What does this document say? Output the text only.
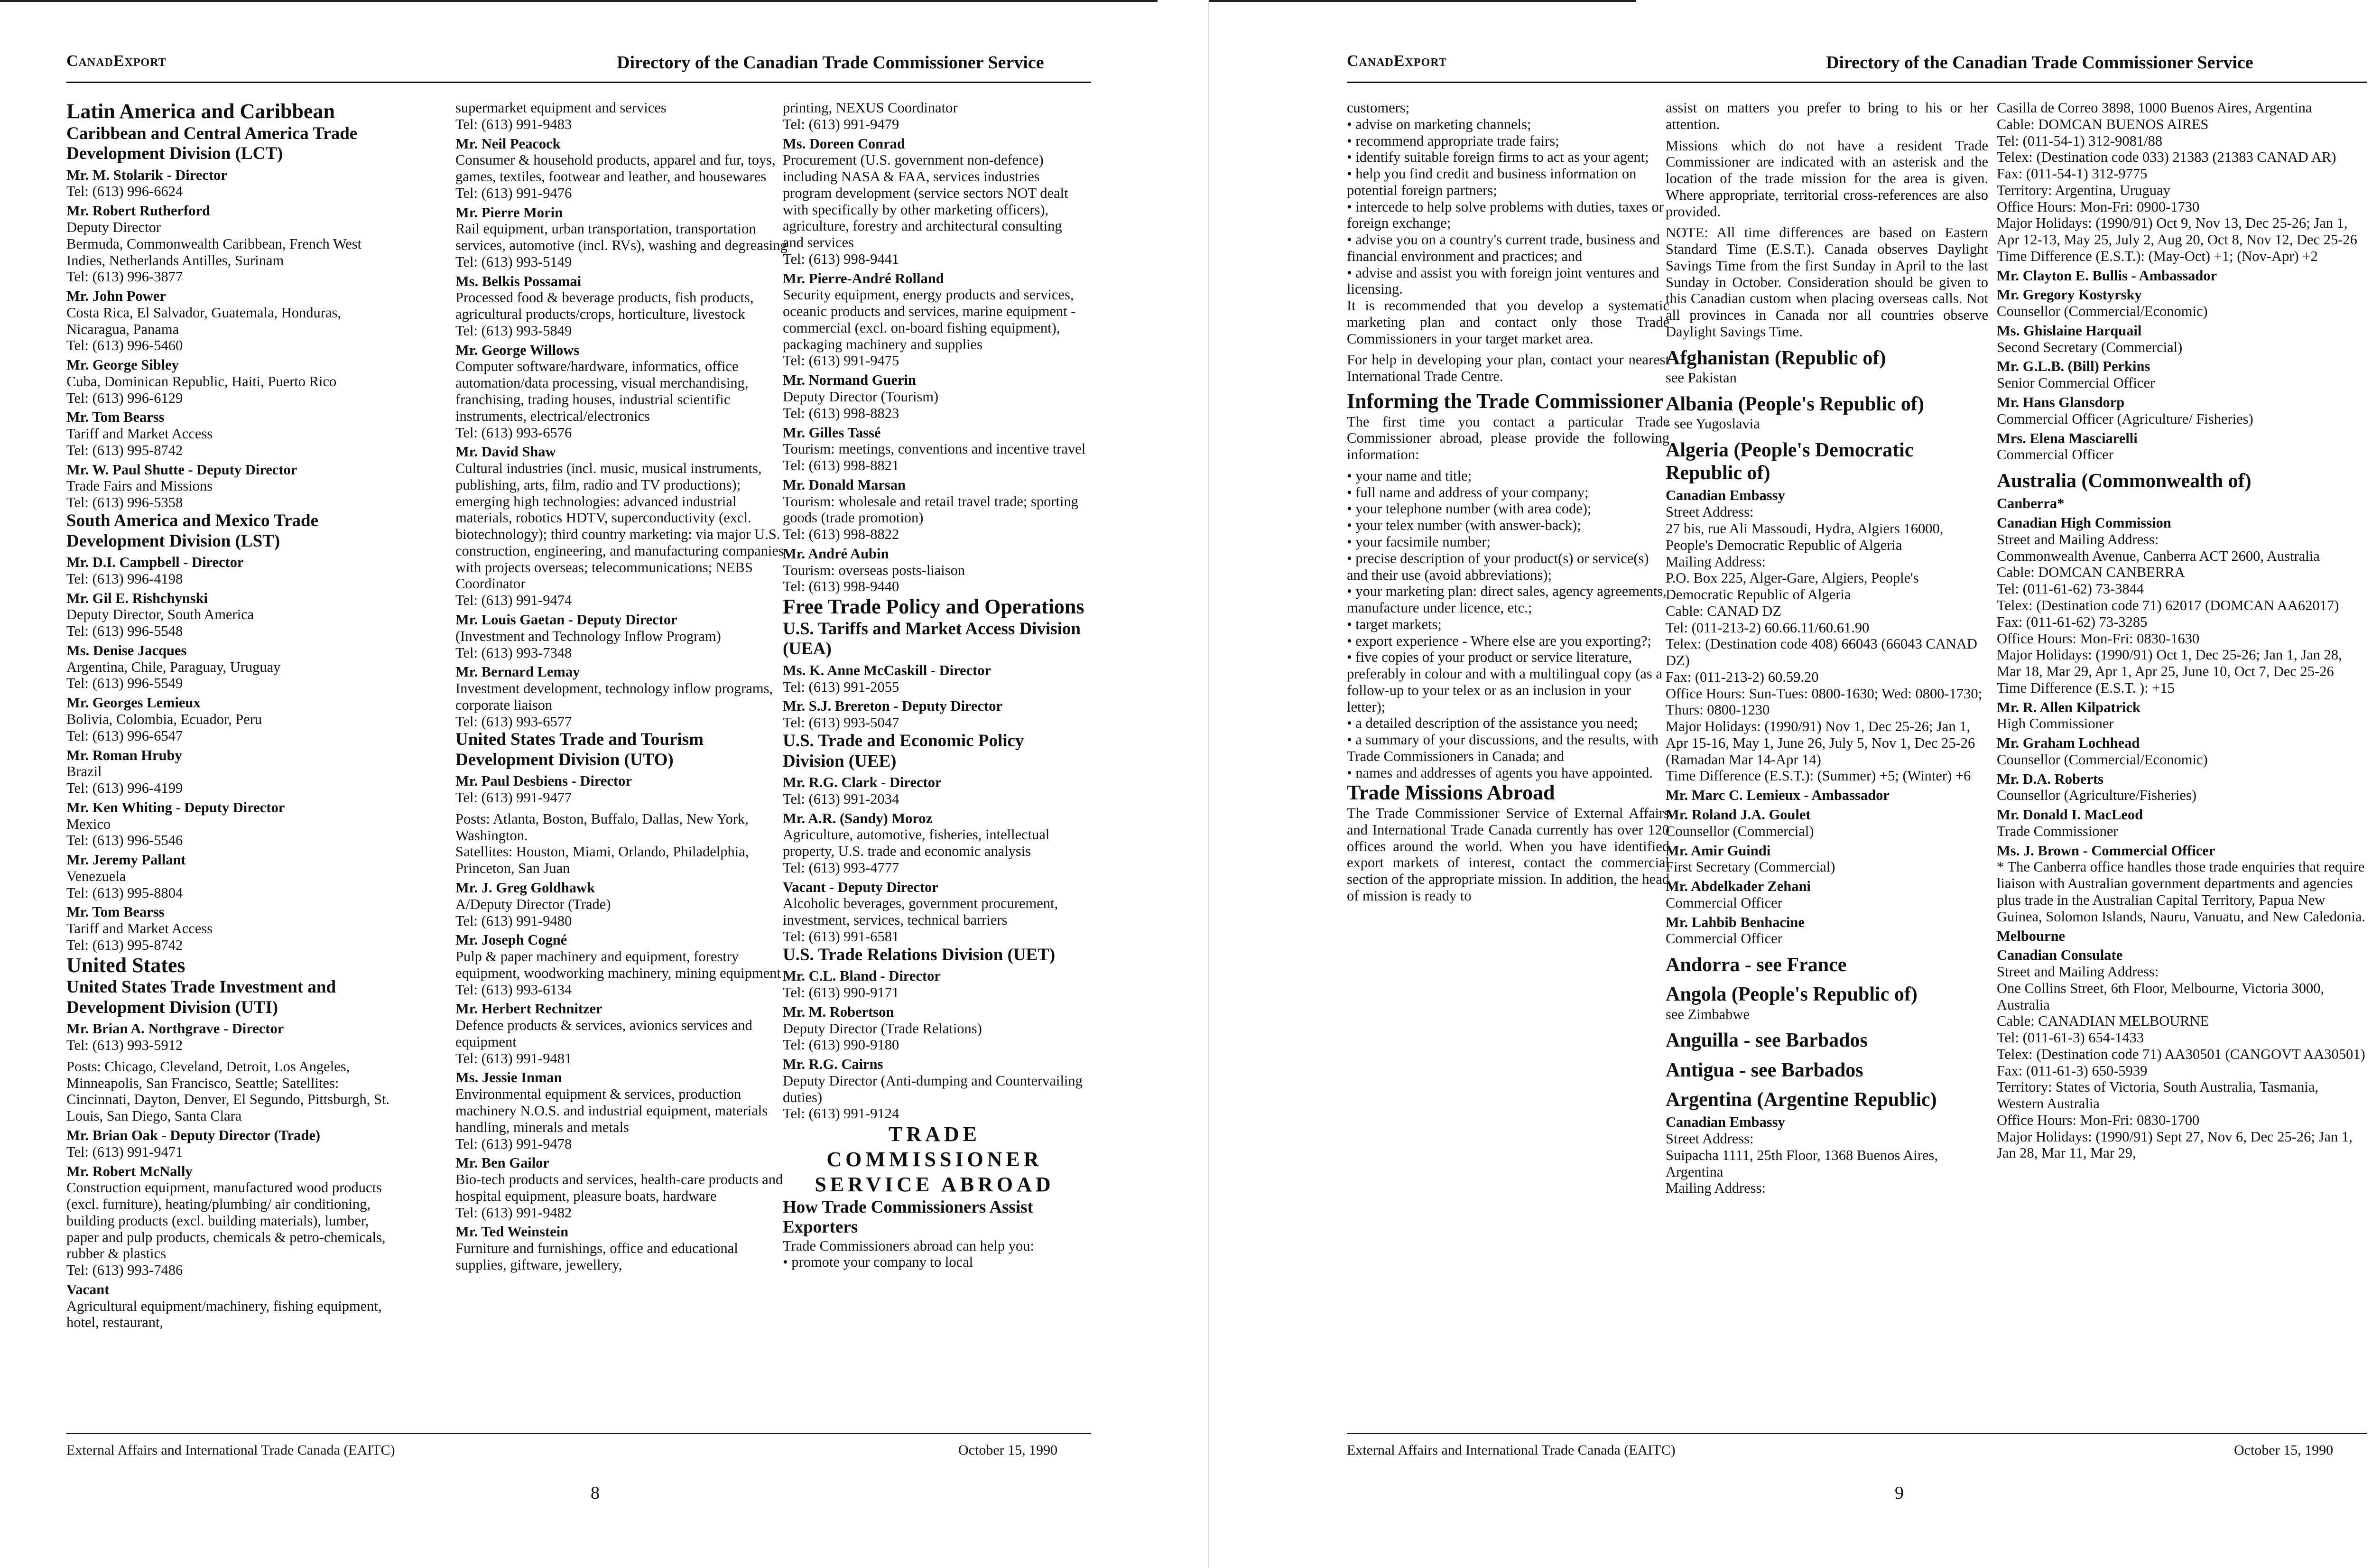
CanadExport	Directory of the Canadian Trade Commissioner Service

Latin America and Caribbean

Caribbean and Central America Trade Development Division (LCT)

Mr. M. Stolarik - Director

Tel: (613) 996-6624

Mr. Robert Rutherford

Deputy Director

Bermuda, Commonwealth Caribbean, French West Indies, Netherlands Antilles, Surinam

Tel: (613) 996-3877

Mr. John Power

Costa Rica, El Salvador, Guatemala, Honduras, Nicaragua, Panama

Tel: (613) 996-5460

Mr. George Sibley

Cuba, Dominican Republic, Haiti, Puerto Rico

Tel: (613) 996-6129

Mr. Tom Bearss

Tariff and Market Access

Tel: (613) 995-8742

Mr. W. Paul Shutte - Deputy Director

Trade Fairs and Missions

Tel: (613) 996-5358

South America and Mexico Trade Development Division (LST)

Mr. D.I. Campbell - Director

Tel: (613) 996-4198

Mr. Gil E. Rishchynski

Deputy Director, South America

Tel: (613) 996-5548

Ms. Denise Jacques

Argentina, Chile, Paraguay, Uruguay

Tel: (613) 996-5549

Mr. Georges Lemieux

Bolivia, Colombia, Ecuador, Peru

Tel: (613) 996-6547

Mr. Roman Hruby

Brazil

Tel: (613) 996-4199

Mr. Ken Whiting - Deputy Director

Mexico

Tel: (613) 996-5546

Mr. Jeremy Pallant

Venezuela

Tel: (613) 995-8804

Mr. Tom Bearss

Tariff and Market Access

Tel: (613) 995-8742

United States

United States Trade Investment and Development Division (UTI)

Mr. Brian A. Northgrave - Director

Tel: (613) 993-5912

Posts: Chicago, Cleveland, Detroit, Los Angeles, Minneapolis, San Francisco, Seattle; Satellites: Cincinnati, Dayton, Denver, El Segundo, Pittsburgh, St. Louis, San Diego, Santa Clara

Mr. Brian Oak - Deputy Director (Trade)

Tel: (613) 991-9471

Mr. Robert McNally

Construction equipment, manufactured wood products (excl. furniture), heating/plumbing/ air conditioning, building products (excl. building materials), lumber, paper and pulp products, chemicals & petro-chemicals, rubber & plastics

Tel: (613) 993-7486

Vacant

Agricultural equipment/machinery, fishing equipment, hotel, restaurant,

supermarket equipment and services

Tel: (613) 991-9483

Mr. Neil Peacock

Consumer & household products, apparel and fur, toys, games, textiles, footwear and leather, and housewares

Tel: (613) 991-9476

Mr. Pierre Morin

Rail equipment, urban transportation, transportation services, automotive (incl. RVs), washing and degreasing

Tel: (613) 993-5149

Ms. Belkis Possamai

Processed food & beverage products, fish products, agricultural products/crops, horticulture, livestock

Tel: (613) 993-5849

Mr. George Willows

Computer software/hardware, informatics, office automation/data processing, visual merchandising, franchising, trading houses, industrial scientific instruments, electrical/electronics

Tel: (613) 993-6576

Mr. David Shaw

Cultural industries (incl. music, musical instruments, publishing, arts, film, radio and TV productions); emerging high technologies: advanced industrial materials, robotics HDTV, superconductivity (excl. biotechnology); third country marketing: via major U.S. construction, engineering, and manufacturing companies with projects overseas; telecommunications; NEBS Coordinator

Tel: (613) 991-9474

Mr. Louis Gaetan - Deputy Director

(Investment and Technology Inflow Program)

Tel: (613) 993-7348

Mr. Bernard Lemay

Investment development, technology inflow programs, corporate liaison

Tel: (613) 993-6577

United States Trade and Tourism Development Division (UTO)

Mr. Paul Desbiens - Director

Tel: (613) 991-9477

Posts: Atlanta, Boston, Buffalo, Dallas, New York, Washington.

Satellites: Houston, Miami, Orlando, Philadelphia, Princeton, San Juan

Mr. J. Greg Goldhawk

A/Deputy Director (Trade)

Tel: (613) 991-9480

Mr. Joseph Cogné

Pulp & paper machinery and equipment, forestry equipment, woodworking machinery, mining equipment

Tel: (613) 993-6134

Mr. Herbert Rechnitzer

Defence products & services, avionics services and equipment

Tel: (613) 991-9481

Ms. Jessie Inman

Environmental equipment & services, production machinery N.O.S. and industrial equipment, materials handling, minerals and metals

Tel: (613) 991-9478

Mr. Ben Gailor

Bio-tech products and services, health-care products and hospital equipment, pleasure boats, hardware

Tel: (613) 991-9482

Mr. Ted Weinstein

Furniture and furnishings, office and educational supplies, giftware, jewellery,

printing, NEXUS Coordinator

Tel: (613) 991-9479

Ms. Doreen Conrad

Procurement (U.S. government non-defence) including NASA & FAA, services industries program development (service sectors NOT dealt with specifically by other marketing officers), agriculture, forestry and architectural consulting and services

Tel: (613) 998-9441

Mr. Pierre-André Rolland

Security equipment, energy products and services, oceanic products and services, marine equipment - commercial (excl. on-board fishing equipment), packaging machinery and supplies

Tel: (613) 991-9475

Mr. Normand Guerin

Deputy Director (Tourism)

Tel: (613) 998-8823

Mr. Gilles Tassé

Tourism: meetings, conventions and incentive travel

Tel: (613) 998-8821

Mr. Donald Marsan

Tourism: wholesale and retail travel trade; sporting goods (trade promotion)

Tel: (613) 998-8822

Mr. André Aubin

Tourism: overseas posts-liaison

Tel: (613) 998-9440

Free Trade Policy and Operations

U.S. Tariffs and Market Access Division (UEA)

Ms. K. Anne McCaskill - Director

Tel: (613) 991-2055

Mr. S.J. Brereton - Deputy Director

Tel: (613) 993-5047

U.S. Trade and Economic Policy Division (UEE)

Mr. R.G. Clark - Director

Tel: (613) 991-2034

Mr. A.R. (Sandy) Moroz

Agriculture, automotive, fisheries, intellectual property, U.S. trade and economic analysis

Tel: (613) 993-4777

Vacant - Deputy Director

Alcoholic beverages, government procurement, investment, services, technical barriers

Tel: (613) 991-6581

U.S. Trade Relations Division (UET)

Mr. C.L. Bland - Director

Tel: (613) 990-9171

Mr. M. Robertson

Deputy Director (Trade Relations)

Tel: (613) 990-9180

Mr. R.G. Cairns

Deputy Director (Anti-dumping and Countervailing duties)

Tel: (613) 991-9124

TRADE COMMISSIONER SERVICE ABROAD

How Trade Commissioners Assist Exporters

Trade Commissioners abroad can help you:

• promote your company to local

External Affairs and International Trade Canada (EAITC)	October 15, 1990
8
CanadExport	Directory of the Canadian Trade Commissioner Service

customers;

• advise on marketing channels;

• recommend appropriate trade fairs;

• identify suitable foreign firms to act as your agent;

• help you find credit and business information on potential foreign partners;

• intercede to help solve problems with duties, taxes or foreign exchange;

• advise you on a country's current trade, business and financial environment and practices; and

• advise and assist you with foreign joint ventures and licensing.

It is recommended that you develop a systematic marketing plan and contact only those Trade Commissioners in your target market area.

For help in developing your plan, contact your nearest International Trade Centre.

Informing the Trade Commissioner

The first time you contact a particular Trade Commissioner abroad, please provide the following information:

• your name and title;

• full name and address of your company;

• your telephone number (with area code);

• your telex number (with answer-back);

• your facsimile number;

• precise description of your product(s) or service(s) and their use (avoid abbreviations);

• your marketing plan: direct sales, agency agreements, manufacture under licence, etc.;

• target markets;

• export experience - Where else are you exporting?;

• five copies of your product or service literature, preferably in colour and with a multilingual copy (as a follow-up to your telex or as an inclusion in your letter);

• a detailed description of the assistance you need;

• a summary of your discussions, and the results, with Trade Commissioners in Canada; and

• names and addresses of agents you have appointed.

Trade Missions Abroad

The Trade Commissioner Service of External Affairs and International Trade Canada currently has over 120 offices around the world. When you have identified export markets of interest, contact the commercial section of the appropriate mission. In addition, the head of mission is ready to

assist on matters you prefer to bring to his or her attention.

Missions which do not have a resident Trade Commissioner are indicated with an asterisk and the location of the trade mission for the area is given. Where appropriate, territorial cross-references are also provided.

NOTE: All time differences are based on Eastern Standard Time (E.S.T.). Canada observes Daylight Savings Time from the first Sunday in April to the last Sunday in October. Consideration should be given to this Canadian custom when placing overseas calls. Not all provinces in Canada nor all countries observe Daylight Savings Time.

Afghanistan (Republic of)

see Pakistan

Albania (People's Republic of)

- see Yugoslavia

Algeria (People's Democratic Republic of)

Canadian Embassy

Street Address:

27 bis, rue Ali Massoudi, Hydra, Algiers 16000, People's Democratic Republic of Algeria

Mailing Address:

P.O. Box 225, Alger-Gare, Algiers, People's Democratic Republic of Algeria

Cable: CANAD DZ

Tel: (011-213-2) 60.66.11/60.61.90

Telex: (Destination code 408) 66043 (66043 CANAD DZ)

Fax: (011-213-2) 60.59.20

Office Hours: Sun-Tues: 0800-1630; Wed: 0800-1730; Thurs: 0800-1230

Major Holidays: (1990/91) Nov 1, Dec 25-26; Jan 1, Apr 15-16, May 1, June 26, July 5, Nov 1, Dec 25-26 (Ramadan Mar 14-Apr 14)

Time Difference (E.S.T.): (Summer) +5; (Winter) +6

Mr. Marc C. Lemieux - Ambassador

Mr. Roland J.A. Goulet

Counsellor (Commercial)

Mr. Amir Guindi

First Secretary (Commercial)

Mr. Abdelkader Zehani

Commercial Officer

Mr. Lahbib Benhacine

Commercial Officer

Andorra - see France

Angola (People's Republic of)

see Zimbabwe

Anguilla - see Barbados

Antigua - see Barbados

Argentina (Argentine Republic)

Canadian Embassy

Street Address:

Suipacha 1111, 25th Floor, 1368 Buenos Aires, Argentina

Mailing Address:

Casilla de Correo 3898, 1000 Buenos Aires, Argentina

Cable: DOMCAN BUENOS AIRES

Tel: (011-54-1) 312-9081/88

Telex: (Destination code 033) 21383 (21383 CANAD AR)

Fax: (011-54-1) 312-9775

Territory: Argentina, Uruguay

Office Hours: Mon-Fri: 0900-1730

Major Holidays: (1990/91) Oct 9, Nov 13, Dec 25-26; Jan 1, Apr 12-13, May 25, July 2, Aug 20, Oct 8, Nov 12, Dec 25-26

Time Difference (E.S.T.): (May-Oct) +1; (Nov-Apr) +2

Mr. Clayton E. Bullis - Ambassador

Mr. Gregory Kostyrsky

Counsellor (Commercial/Economic)

Ms. Ghislaine Harquail

Second Secretary (Commercial)

Mr. G.L.B. (Bill) Perkins

Senior Commercial Officer

Mr. Hans Glansdorp

Commercial Officer (Agriculture/ Fisheries)

Mrs. Elena Masciarelli

Commercial Officer

Australia (Commonwealth of)

Canberra*

Canadian High Commission

Street and Mailing Address:

Commonwealth Avenue, Canberra ACT 2600, Australia

Cable: DOMCAN CANBERRA

Tel: (011-61-62) 73-3844

Telex: (Destination code 71) 62017 (DOMCAN AA62017)

Fax: (011-61-62) 73-3285

Office Hours: Mon-Fri: 0830-1630

Major Holidays: (1990/91) Oct 1, Dec 25-26; Jan 1, Jan 28, Mar 18, Mar 29, Apr 1, Apr 25, June 10, Oct 7, Dec 25-26

Time Difference (E.S.T. ): +15

Mr. R. Allen Kilpatrick

High Commissioner

Mr. Graham Lochhead

Counsellor (Commercial/Economic)

Mr. D.A. Roberts

Counsellor (Agriculture/Fisheries)

Mr. Donald I. MacLeod

Trade Commissioner

Ms. J. Brown - Commercial Officer

* The Canberra office handles those trade enquiries that require liaison with Australian government departments and agencies plus trade in the Australian Capital Territory, Papua New Guinea, Solomon Islands, Nauru, Vanuatu, and New Caledonia.

Melbourne

Canadian Consulate

Street and Mailing Address:

One Collins Street, 6th Floor, Melbourne, Victoria 3000, Australia

Cable: CANADIAN MELBOURNE

Tel: (011-61-3) 654-1433

Telex: (Destination code 71) AA30501 (CANGOVT AA30501)

Fax: (011-61-3) 650-5939

Territory: States of Victoria, South Australia, Tasmania, Western Australia

Office Hours: Mon-Fri: 0830-1700

Major Holidays: (1990/91) Sept 27, Nov 6, Dec 25-26; Jan 1, Jan 28, Mar 11, Mar 29,

External Affairs and International Trade Canada (EAITC)	October 15, 1990
9
